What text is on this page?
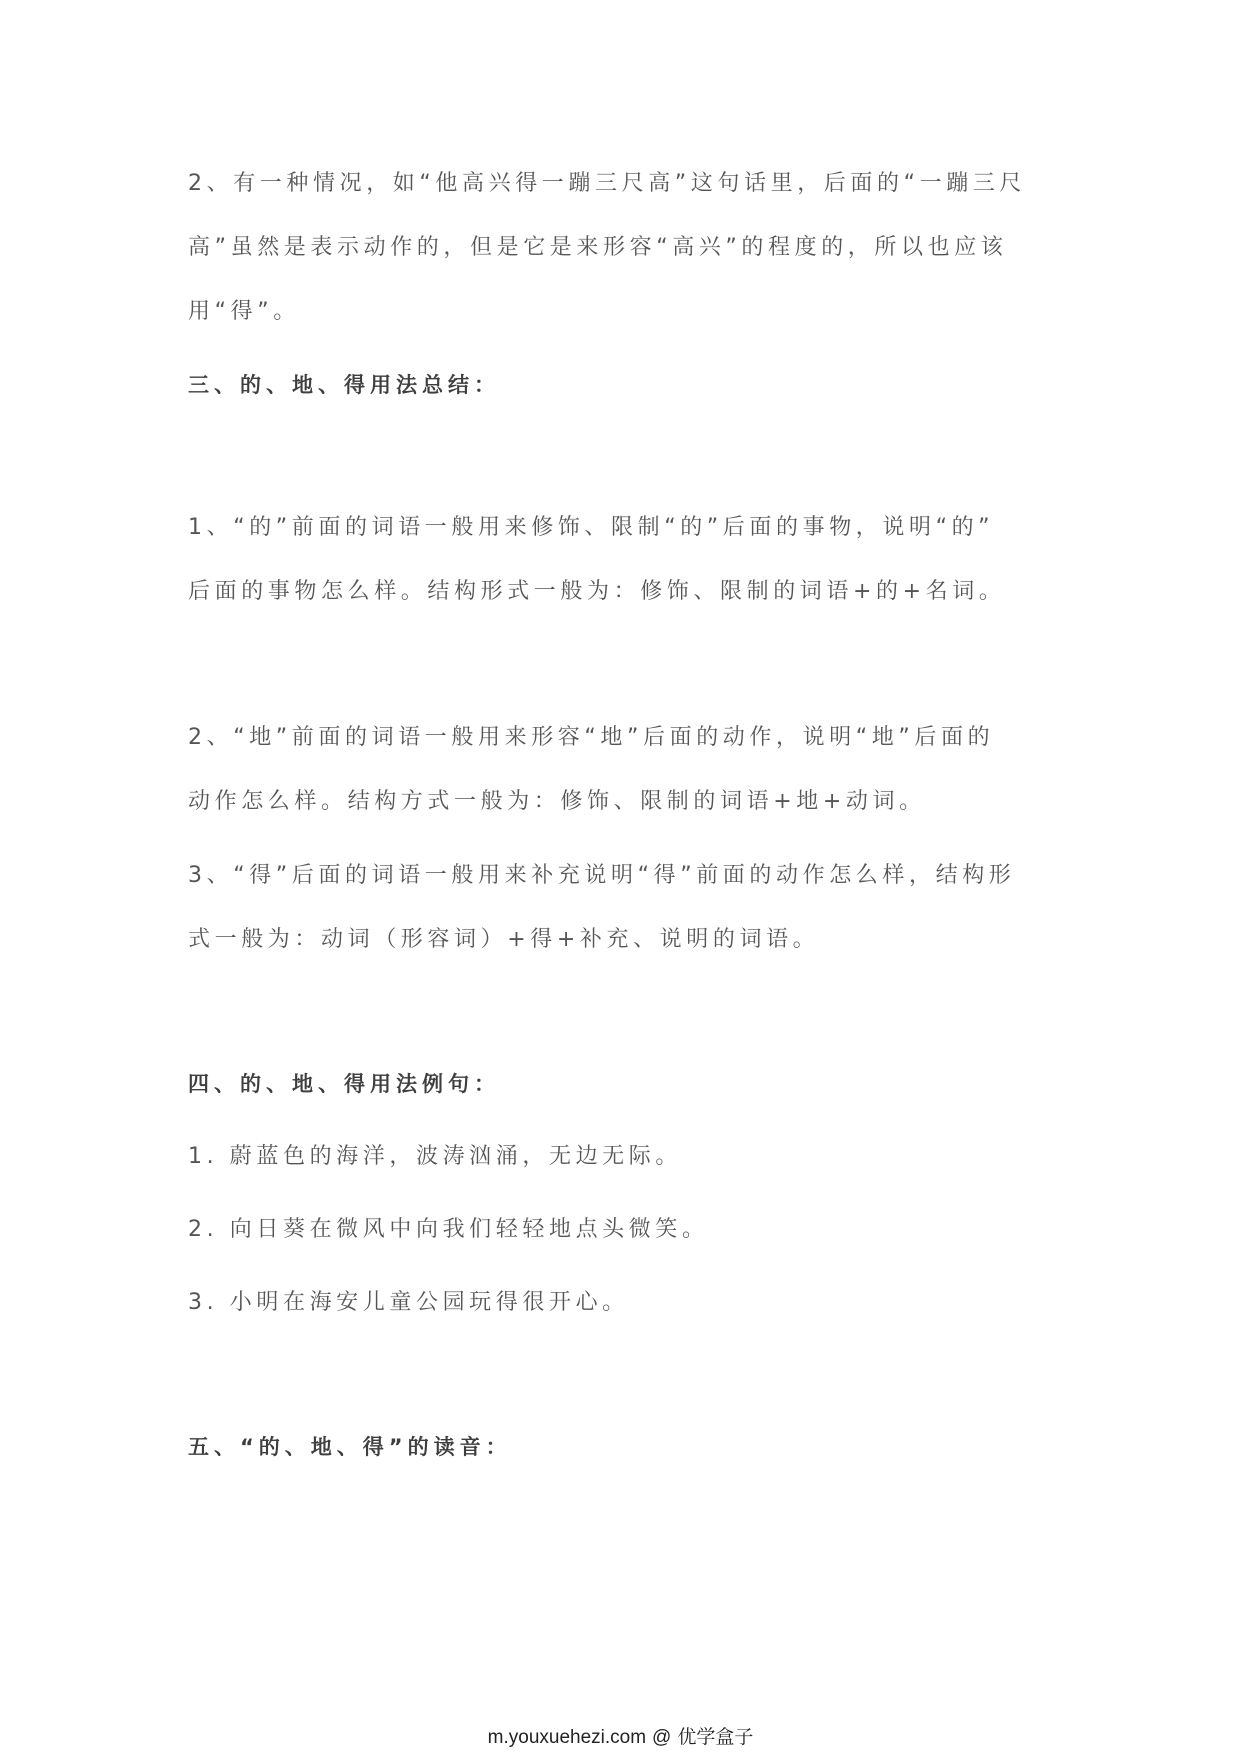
2、有一种情况，如“他高兴得一蹦三尺高”这句话里，后面的“一蹦三尺
高”虽然是表示动作的，但是它是来形容“高兴”的程度的，所以也应该
用“得”。
三、的、地、得用法总结：
1、“的”前面的词语一般用来修饰、限制“的”后面的事物，说明“的”
后面的事物怎么样。结构形式一般为：修饰、限制的词语+的+名词。
2、“地”前面的词语一般用来形容“地”后面的动作，说明“地”后面的
动作怎么样。结构方式一般为：修饰、限制的词语+地+动词。
3、“得”后面的词语一般用来补充说明“得”前面的动作怎么样，结构形
式一般为：动词（形容词）+得+补充、说明的词语。
四、的、地、得用法例句：
1. 蔚蓝色的海洋，波涛汹涌，无边无际。
2. 向日葵在微风中向我们轻轻地点头微笑。
3. 小明在海安儿童公园玩得很开心。
五、“的、地、得”的读音：
m.youxuehezi.com @ 优学盒子
